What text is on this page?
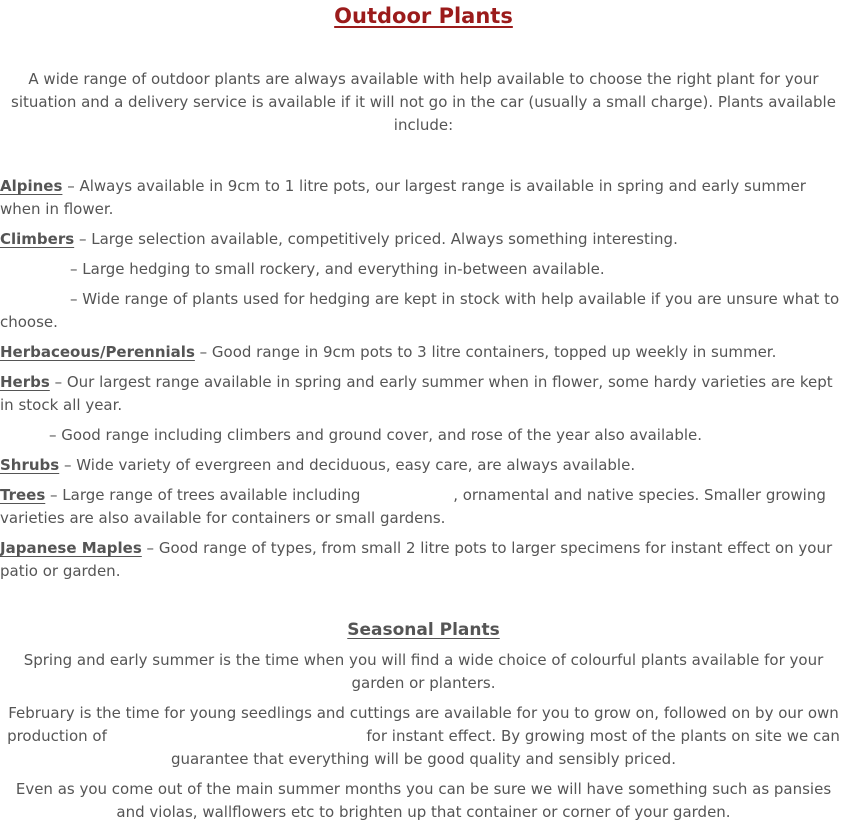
Outdoor Plants

A wide range of outdoor plants are always available with help available to choose the right plant for your situation and a delivery service is available if it will not go in the car (usually a small charge). Plants available include:

Alpines – Always available in 9cm to 1 litre pots, our largest range is available in spring and early summer when in flower.

Climbers – Large selection available, competitively priced. Always something interesting.

– Large hedging to small rockery, and everything in-between available.

– Wide range of plants used for hedging are kept in stock with help available if you are unsure what to choose.

Herbaceous/Perennials – Good range in 9cm pots to 3 litre containers, topped up weekly in summer.

Herbs – Our largest range available in spring and early summer when in flower, some hardy varieties are kept in stock all year.

– Good range including climbers and ground cover, and rose of the year also available.

Shrubs – Wide variety of evergreen and deciduous, easy care, are always available.

Trees – Large range of trees available including	, ornamental and native species. Smaller growing varieties are also available for containers or small gardens.

Japanese Maples – Good range of types, from small 2 litre pots to larger specimens for instant effect on your patio or garden.

Seasonal Plants

Spring and early summer is the time when you will find a wide choice of colourful plants available for your garden or planters.

February is the time for young seedlings and cuttings are available for you to grow on, followed on by our own production of	for instant effect. By growing most of the plants on site we can guarantee that everything will be good quality and sensibly priced.

Even as you come out of the main summer months you can be sure we will have something such as pansies and violas, wallflowers etc to brighten up that container or corner of your garden.
